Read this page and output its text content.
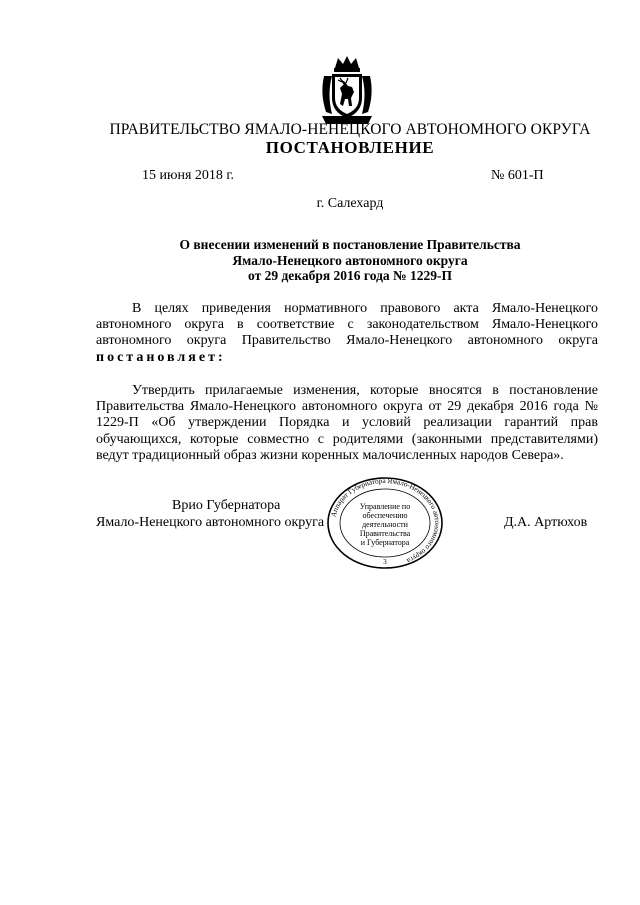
ПРАВИТЕЛЬСТВО ЯМАЛО-НЕНЕЦКОГО АВТОНОМНОГО ОКРУГА
ПОСТАНОВЛЕНИЕ
15 июня 2018 г.	№ 601-П
г. Салехард
О внесении изменений в постановление Правительства
Ямало-Ненецкого автономного округа
от 29 декабря 2016 года № 1229-П
В целях приведения нормативного правового акта Ямало-Ненецкого автономного округа в соответствие с законодательством Ямало-Ненецкого автономного округа Правительство Ямало-Ненецкого автономного округа постановляет:
Утвердить прилагаемые изменения, которые вносятся в постановление Правительства Ямало-Ненецкого автономного округа от 29 декабря 2016 года № 1229-П «Об утверждении Порядка и условий реализации гарантий прав обучающихся, которые совместно с родителями (законными представителями) ведут традиционный образ жизни коренных малочисленных народов Севера».
Врио Губернатора
Ямало-Ненецкого автономного округа	Д.А. Артюхов
Аппарат Губернатора Ямало-Ненецкого автономного округа
Управление по
обеспечению
деятельности
Правительства
и Губернатора
3
